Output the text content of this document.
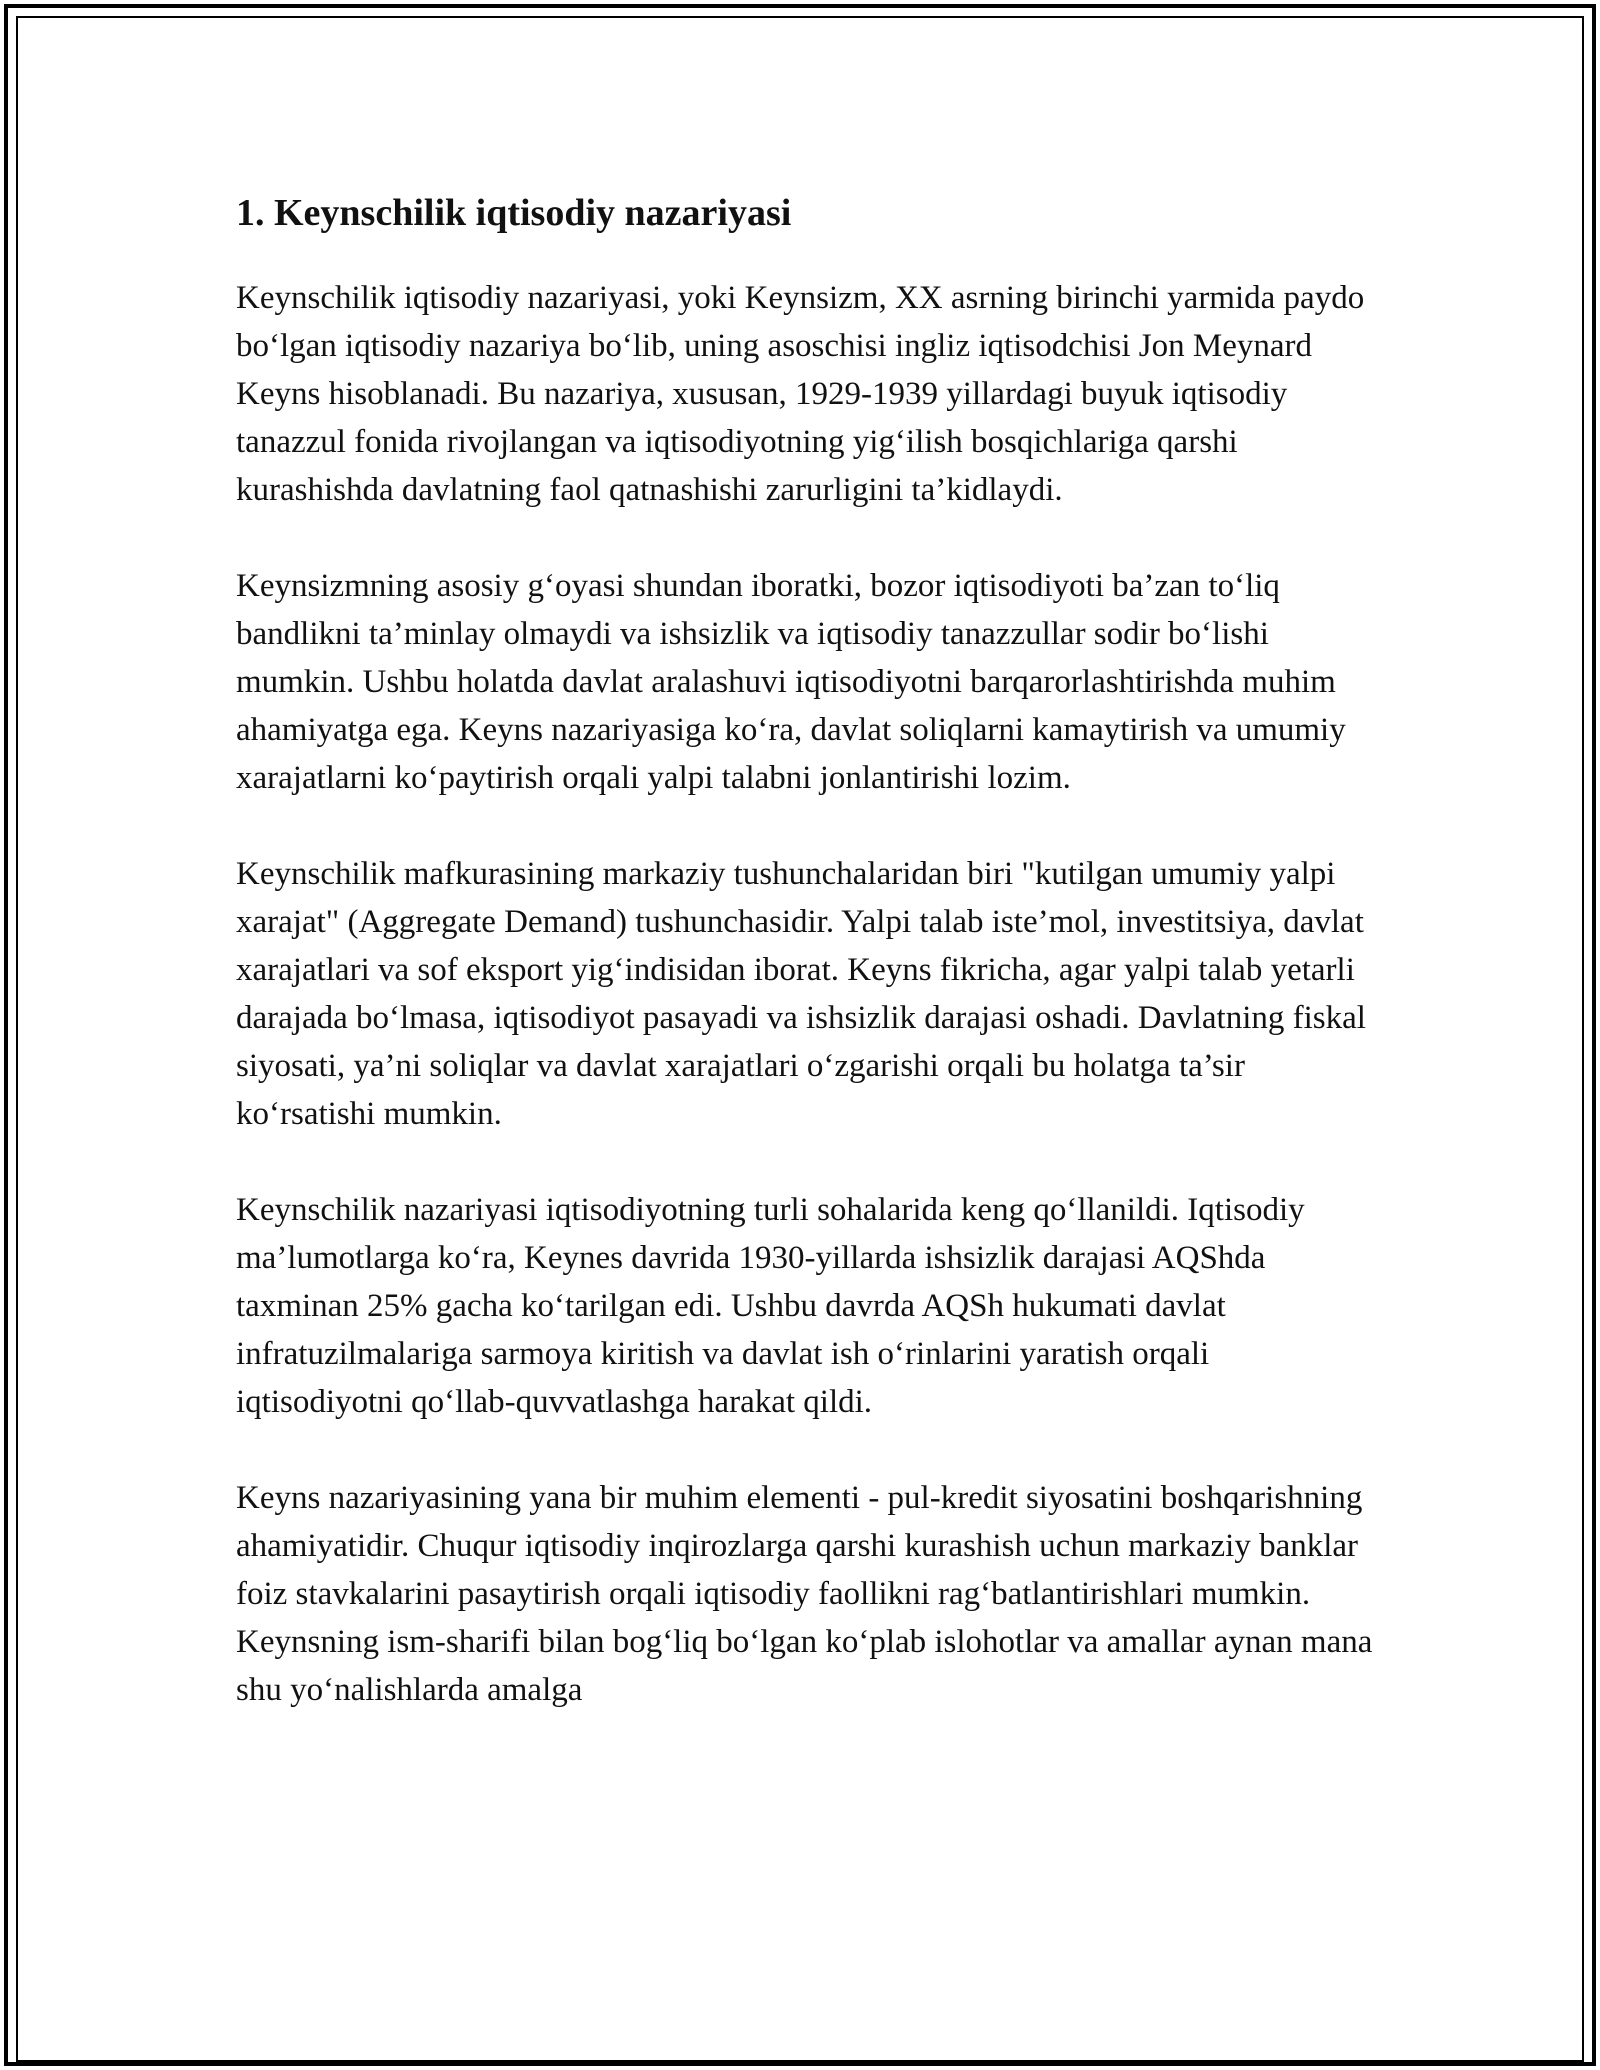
1. Keynschilik iqtisodiy nazariyasi

Keynschilik iqtisodiy nazariyasi, yoki Keynsizm, XX asrning birinchi yarmida paydo bo‘lgan iqtisodiy nazariya bo‘lib, uning asoschisi ingliz iqtisodchisi Jon Meynard Keyns hisoblanadi. Bu nazariya, xususan, 1929-1939 yillardagi buyuk iqtisodiy tanazzul fonida rivojlangan va iqtisodiyotning yig‘ilish bosqichlariga qarshi kurashishda davlatning faol qatnashishi zarurligini ta’kidlaydi.

Keynsizmning asosiy g‘oyasi shundan iboratki, bozor iqtisodiyoti ba’zan to‘liq bandlikni ta’minlay olmaydi va ishsizlik va iqtisodiy tanazzullar sodir bo‘lishi mumkin. Ushbu holatda davlat aralashuvi iqtisodiyotni barqarorlashtirishda muhim ahamiyatga ega. Keyns nazariyasiga ko‘ra, davlat soliqlarni kamaytirish va umumiy xarajatlarni ko‘paytirish orqali yalpi talabni jonlantirishi lozim.

Keynschilik mafkurasining markaziy tushunchalaridan biri "kutilgan umumiy yalpi xarajat" (Aggregate Demand) tushunchasidir. Yalpi talab iste’mol, investitsiya, davlat xarajatlari va sof eksport yig‘indisidan iborat. Keyns fikricha, agar yalpi talab yetarli darajada bo‘lmasa, iqtisodiyot pasayadi va ishsizlik darajasi oshadi. Davlatning fiskal siyosati, ya’ni soliqlar va davlat xarajatlari o‘zgarishi orqali bu holatga ta’sir ko‘rsatishi mumkin.

Keynschilik nazariyasi iqtisodiyotning turli sohalarida keng qo‘llanildi. Iqtisodiy ma’lumotlarga ko‘ra, Keynes davrida 1930-yillarda ishsizlik darajasi AQShda taxminan 25% gacha ko‘tarilgan edi. Ushbu davrda AQSh hukumati davlat infratuzilmalariga sarmoya kiritish va davlat ish o‘rinlarini yaratish orqali iqtisodiyotni qo‘llab-quvvatlashga harakat qildi.

Keyns nazariyasining yana bir muhim elementi - pul-kredit siyosatini boshqarishning ahamiyatidir. Chuqur iqtisodiy inqirozlarga qarshi kurashish uchun markaziy banklar foiz stavkalarini pasaytirish orqali iqtisodiy faollikni rag‘batlantirishlari mumkin. Keynsning ism-sharifi bilan bog‘liq bo‘lgan ko‘plab islohotlar va amallar aynan mana shu yo‘nalishlarda amalga
